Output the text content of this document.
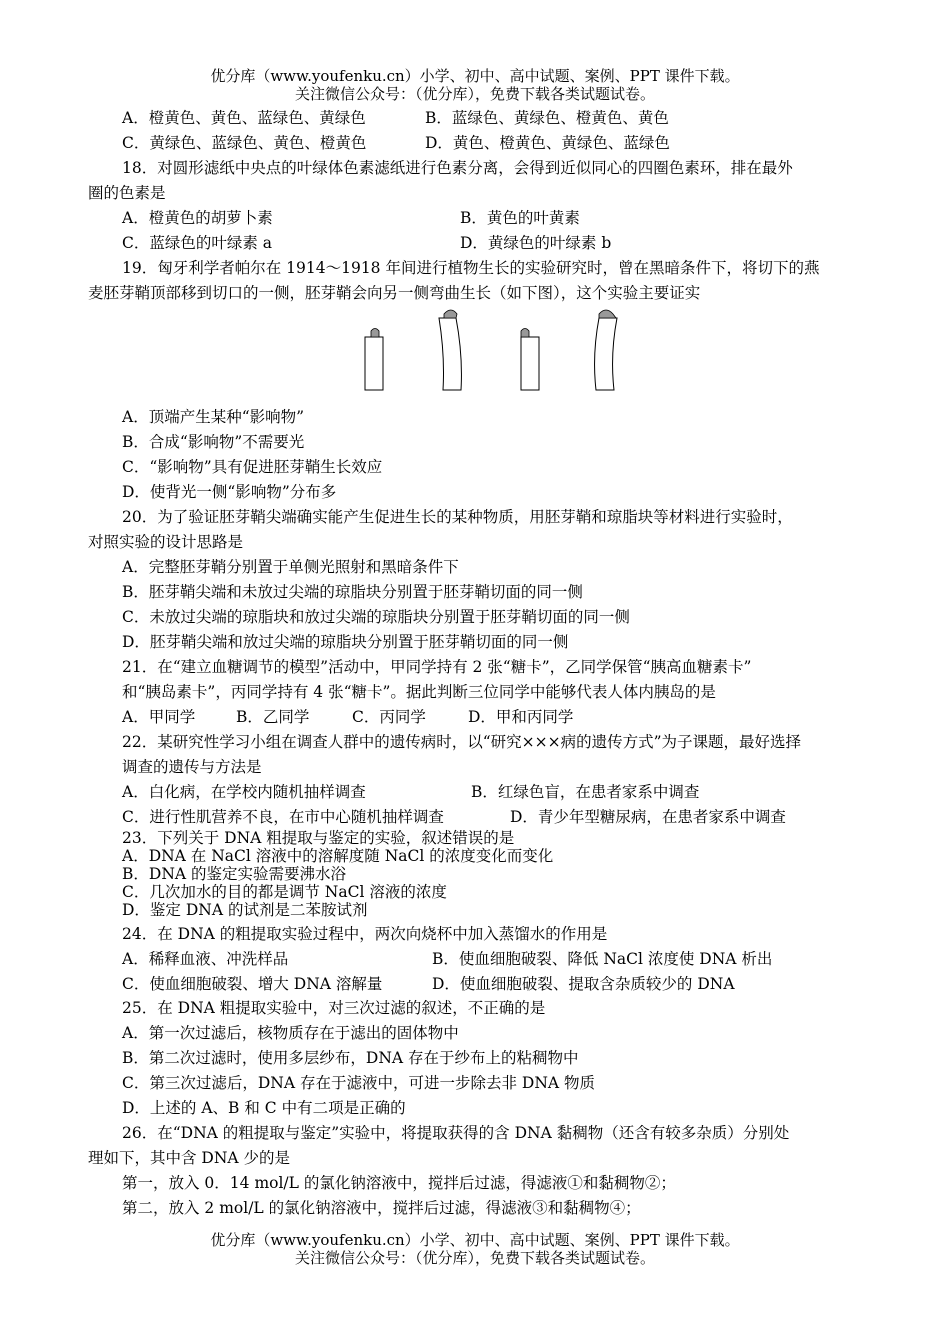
优分库（www.youfenku.cn）小学、初中、高中试题、案例、PPT 课件下载。
关注微信公众号：（优分库），免费下载各类试题试卷。
A．橙黄色、黄色、蓝绿色、黄绿色	B．蓝绿色、黄绿色、橙黄色、黄色
C．黄绿色、蓝绿色、黄色、橙黄色	D．黄色、橙黄色、黄绿色、蓝绿色
18．对圆形滤纸中央点的叶绿体色素滤纸进行色素分离，会得到近似同心的四圈色素环，排在最外
圈的色素是
A．橙黄色的胡萝卜素	B．黄色的叶黄素
C．蓝绿色的叶绿素 a	D．黄绿色的叶绿素 b
19．匈牙利学者帕尔在 1914～1918 年间进行植物生长的实验研究时，曾在黑暗条件下，将切下的燕
麦胚芽鞘顶部移到切口的一侧，胚芽鞘会向另一侧弯曲生长（如下图），这个实验主要证实
A．顶端产生某种“影响物”
B．合成“影响物”不需要光
C．“影响物”具有促进胚芽鞘生长效应
D．使背光一侧“影响物”分布多
20．为了验证胚芽鞘尖端确实能产生促进生长的某种物质，用胚芽鞘和琼脂块等材料进行实验时，
对照实验的设计思路是
A．完整胚芽鞘分别置于单侧光照射和黑暗条件下
B．胚芽鞘尖端和未放过尖端的琼脂块分别置于胚芽鞘切面的同一侧
C．未放过尖端的琼脂块和放过尖端的琼脂块分别置于胚芽鞘切面的同一侧
D．胚芽鞘尖端和放过尖端的琼脂块分别置于胚芽鞘切面的同一侧
21．在“建立血糖调节的模型”活动中，甲同学持有 2 张“糖卡”，乙同学保管“胰高血糖素卡”
和“胰岛素卡”，丙同学持有 4 张“糖卡”。据此判断三位同学中能够代表人体内胰岛的是
A．甲同学	B．乙同学	C．丙同学	D．甲和丙同学
22．某研究性学习小组在调查人群中的遗传病时，以“研究×××病的遗传方式”为子课题，最好选择
调查的遗传与方法是
A．白化病，在学校内随机抽样调查	B．红绿色盲，在患者家系中调查
C．进行性肌营养不良，在市中心随机抽样调查	D．青少年型糖尿病，在患者家系中调查
23．下列关于 DNA 粗提取与鉴定的实验，叙述错误的是
A．DNA 在 NaCl 溶液中的溶解度随 NaCl 的浓度变化而变化
B．DNA 的鉴定实验需要沸水浴
C．几次加水的目的都是调节 NaCl 溶液的浓度
D．鉴定 DNA 的试剂是二苯胺试剂
24．在 DNA 的粗提取实验过程中，两次向烧杯中加入蒸馏水的作用是
A．稀释血液、冲洗样品	B．使血细胞破裂、降低 NaCl 浓度使 DNA 析出
C．使血细胞破裂、增大 DNA 溶解量	D．使血细胞破裂、提取含杂质较少的 DNA
25．在 DNA 粗提取实验中，对三次过滤的叙述，不正确的是
A．第一次过滤后，核物质存在于滤出的固体物中
B．第二次过滤时，使用多层纱布，DNA 存在于纱布上的粘稠物中
C．第三次过滤后，DNA 存在于滤液中，可进一步除去非 DNA 物质
D．上述的 A、B 和 C 中有二项是正确的
26．在“DNA 的粗提取与鉴定”实验中，将提取获得的含 DNA 黏稠物（还含有较多杂质）分别处
理如下，其中含 DNA 少的是
第一，放入 0．14 mol/L 的氯化钠溶液中，搅拌后过滤，得滤液①和黏稠物②；
第二，放入 2 mol/L 的氯化钠溶液中，搅拌后过滤，得滤液③和黏稠物④；
优分库（www.youfenku.cn）小学、初中、高中试题、案例、PPT 课件下载。
关注微信公众号：（优分库），免费下载各类试题试卷。
